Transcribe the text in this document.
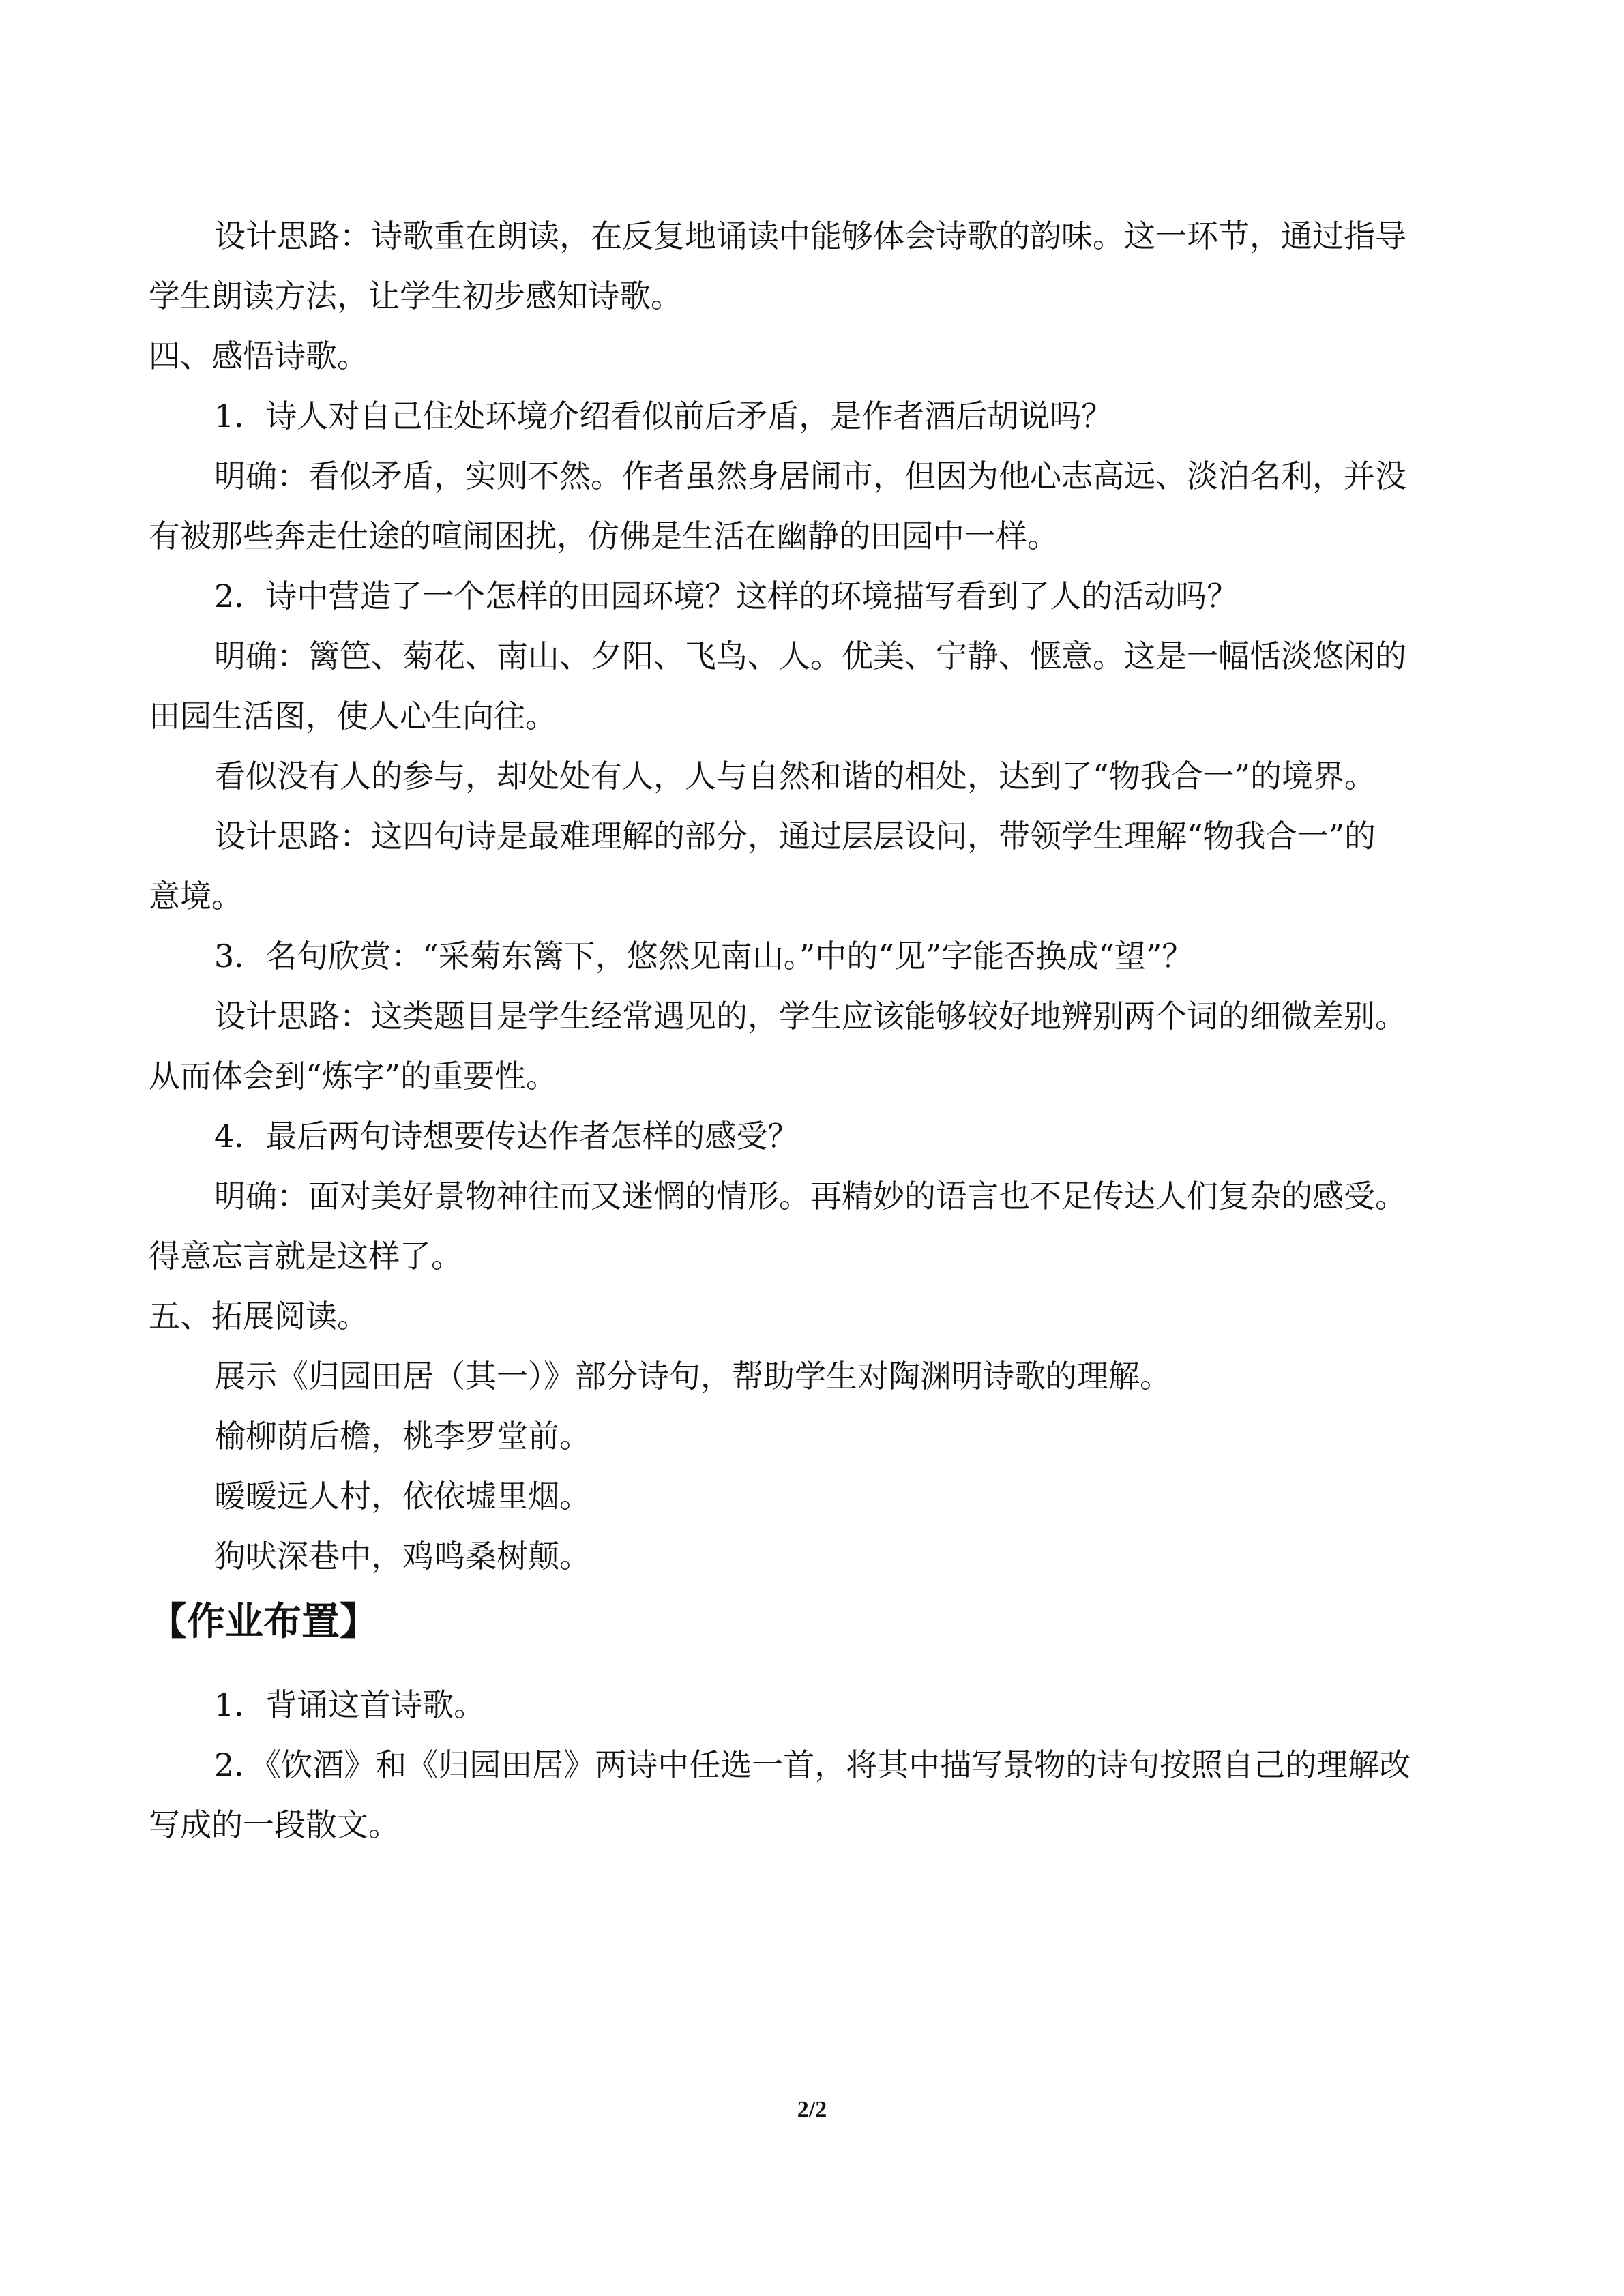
设计思路：诗歌重在朗读，在反复地诵读中能够体会诗歌的韵味。这一环节，通过指导
学生朗读方法，让学生初步感知诗歌。
四、感悟诗歌。
1．诗人对自己住处环境介绍看似前后矛盾，是作者酒后胡说吗？
明确：看似矛盾，实则不然。作者虽然身居闹市，但因为他心志高远、淡泊名利，并没
有被那些奔走仕途的喧闹困扰，仿佛是生活在幽静的田园中一样。
2．诗中营造了一个怎样的田园环境？这样的环境描写看到了人的活动吗？
明确：篱笆、菊花、南山、夕阳、飞鸟、人。优美、宁静、惬意。这是一幅恬淡悠闲的
田园生活图，使人心生向往。
看似没有人的参与，却处处有人，人与自然和谐的相处，达到了“物我合一”的境界。
设计思路：这四句诗是最难理解的部分，通过层层设问，带领学生理解“物我合一”的
意境。
3．名句欣赏：“采菊东篱下，悠然见南山。”中的“见”字能否换成“望”？
设计思路：这类题目是学生经常遇见的，学生应该能够较好地辨别两个词的细微差别。
从而体会到“炼字”的重要性。
4．最后两句诗想要传达作者怎样的感受？
明确：面对美好景物神往而又迷惘的情形。再精妙的语言也不足传达人们复杂的感受。
得意忘言就是这样了。
五、拓展阅读。
展示《归园田居（其一）》部分诗句，帮助学生对陶渊明诗歌的理解。
榆柳荫后檐，桃李罗堂前。
暧暧远人村，依依墟里烟。
狗吠深巷中，鸡鸣桑树颠。
【作业布置】
1．背诵这首诗歌。
2．《饮酒》和《归园田居》两诗中任选一首，将其中描写景物的诗句按照自己的理解改
写成的一段散文。
2/2
